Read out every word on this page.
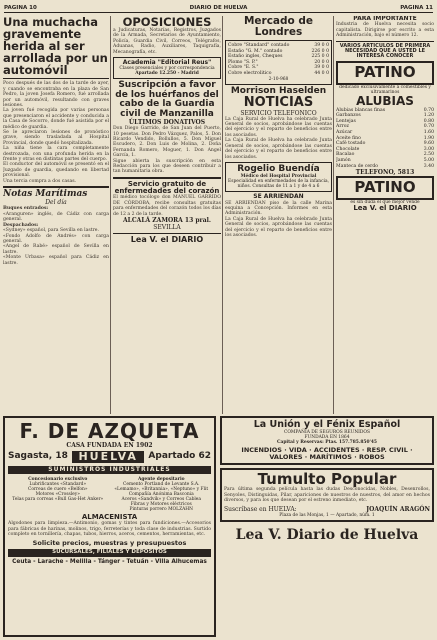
PAGINA 10	DIARIO DE HUELVA	PAGINA 11
Una muchacha gravemente herida al ser arrollada por un automóvil
Poco después de las dos de la tarde de ayer, y cuando se encontraba en la plaza de San Pedro, la joven Josefa Romero, fué arrollada por un automóvil, resultando con graves lesiones.
La joven fué recogida por varias personas que presenciaron el accidente y conducida a la Casa de Socorro, donde fué asistida por el médico de guardia.
Se le apreciaron lesiones de pronóstico grave, siendo trasladada al Hospital Provincial, donde quedó hospitalizada.
La niña tiene la cara completamente destrozada, con una profunda herida en la frente y otras en distintas partes del cuerpo.
El conductor del automóvil se presentó en el Juzgado de guardia, quedando en libertad provisional.
Una tercia compra a dos casas.
Notas Marítimas
Del día
Buques entrados:
«Aranguren» inglés, de Cádiz con carga general.
Despachados:
«Sydney» español, para Sevilla en lastre.
«Fondo Adolfo de Andrés» con carga general.
«Angel de Rabé» español de Sevilla en lastre.
«Monte Urbasa» español para Cádiz en lastre.
OPOSICIONES
a Judicaturas, Notarías, Registros, Juzgados de la Armada, Secretarios de Ayuntamiento, Policía, Guardia Civil, Correos, Telégrafos, Aduanas, Radio, Auxiliares, Taquigrafía, Mecanografía, etc.
Academia "Editorial Reus"
Clases presenciales y por correspondencia
Apartado 12.250 - Madrid
Suscripción a favor de los huérfanos del cabo de la Guardia civil de Manzanilla
ÚLTIMOS DONATIVOS
Don Diego Garrido, de San Juan del Puerto, 10 pesetas. Don Pedro Vázquez, Palos, 5. Don Ricardo Vendido, Bollullos, 5. Don Miguel Escudero, 2. Don Luis de Molina, 2. Doña Fernanda Romero, Moguer, 1. Don Angel García, 1.
Sigue abierta la suscripción en esta Redacción para los que deseen contribuir a tan humanitaria obra.
Servicio gratuito de enfermedades del corazón
El médico tocólogo don MANUEL GARRIDO DE CÓRDOBA, recibe consultas gratuitas para enfermedades del corazón todos los días de 12 a 2 de la tarde.
ALCALÁ ZAMORA 13 pral.
SEVILLA
Lea V. el DIARIO
Mercado de Londres
Cobre "Standard" contado	39 0 0
Estaño "G. M." contado	226 0 0
Estaño ingles, Cheques	225 0 0
Plomo "S. P."	20 0 0
Cobre "E. S."	39 0 0
Cobre electrolitico	44 0 0
2-10-968
Morrison Haselden
NOTICIAS
SERVICIO TELEFONICO
La Caja Rural de Huelva ha celebrado Junta General de socios, aprobándose las cuentas del ejercicio y el reparto de beneficios entre los asociados.
La Caja Rural de Huelva ha celebrado Junta General de socios, aprobándose las cuentas del ejercicio y el reparto de beneficios entre los asociados.
Rogelio Buendía
Médico del Hospital Provincial
Especialidad en enfermedades de la infancia, niños. Consultas de 11 a 1 y de 4 a 6
SE ARRIENDAN
SE ARRIENDAN piso de la calle Marina esquina a Concepción. Informes en esta Administración.
La Caja Rural de Huelva ha celebrado Junta General de socios, aprobándose las cuentas del ejercicio y el reparto de beneficios entre los asociados.
PARA IMPORTANTE
Industria de Huelva necesita socio capitalista. Dirigirse por escrito a esta Administración, bajo el número 12.
VARIOS ARTICULOS DE PRIMERA NECESIDAD QUE A USTED LE INTERESA CONOCER
PATINO
dedicado exclusivamente a comestibles y ultramarinos
ALUBIAS
Alubias blancas finas	0.70
Garbanzos	1.20
Lentejas	0.80
Arroz	0.70
Azúcar	1.60
Aceite fino	1.90
Café tostado	9.60
Chocolate	3.00
Bacalao	2.50
Jamón	5.00
Manteca de cerdo	3.40
TELEFONO, 5813
PATINO
es sin duda el que mejor vende
Lea V. el DIARIO
F. DE AZQUETA
CASA FUNDADA EN 1902
Sagasta, 18 HUELVA	Apartado 62
SUMINISTROS INDUSTRIALES
Concesionario exclusivo
Lubrificantes «Standard»
Correas de cuero «Belfon»
Motores «Crossley»
Telas para correas «Bull Gas-Het Anker»
Agente depositario
Cemento Portland de Levante S.A.
«Lemamo», «Britannia», «Neptuno» y Flit
Compañía Anónima Basconia
Aceros «Sandvik» y Correos Cablea
Fibras y Motores eléctricos
Pinturas porrero MOLZAHN
ALMACENISTA
Algodones para limpieza.—Antimonio, gomas y tintes para fundiciones.—Accesorios para fábricas de harinas, molinos, trigo, ferreterías y toda clase de industrias. Surtido completo en tornillería, chapas, tubos, hierros, aceros, cementos, herramientas, etc.
Solicite precios, muestras y presupuestos
SUCURSALES, FILIALES Y DEPÓSITOS
Ceuta - Larache - Melilla - Tánger - Tetuán - Villa Alhucemas
La Unión y el Fénix Español
COMPAÑÍA DE SEGUROS REUNIDOS
FUNDADA EN 1864
Capital y Reservas: Ptas. 157.785.850'45
INCENDIOS · VIDA · ACCIDENTES · RESP. CIVIL · VALORES · MARÍTIMOS · ROBOS
Tumulto Popular
Para última segunda película hasta las dudas Desconocidas, Nobles, Desenrollos, Senyoles, Distinguidas, Pilar, apariciones de nuestros de nuestros, del amor en hechos diversos, y para los que desean por el estreno inmediato, etc.
Suscríbase en HUELVA:	JOAQUÍN ARAGÓN
Plaza de las Monjas, 1 — Apartado, núm. 1
Lea V. Diario de Huelva
